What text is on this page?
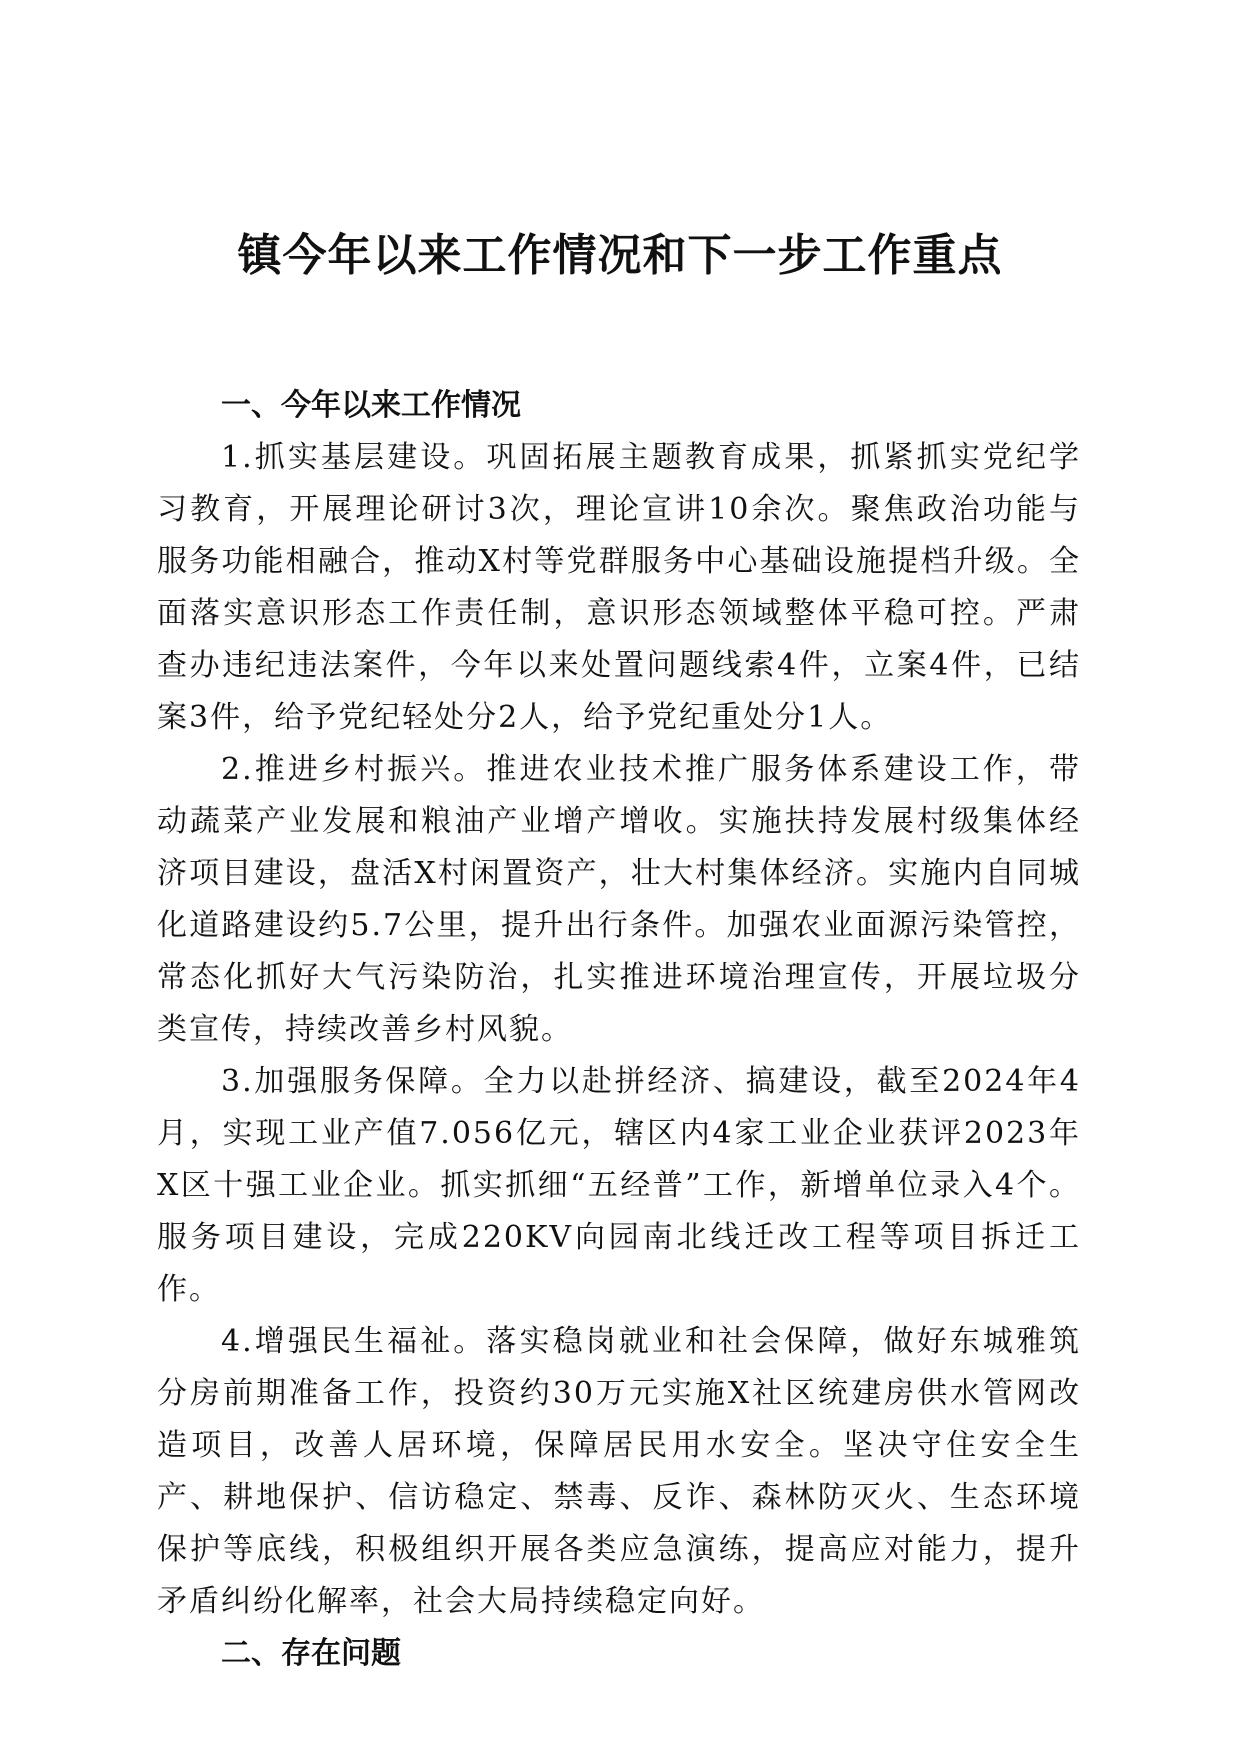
镇今年以来工作情况和下一步工作重点
一、今年以来工作情况

1.抓实基层建设。巩固拓展主题教育成果，抓紧抓实党纪学习教育，开展理论研讨3次，理论宣讲10余次。聚焦政治功能与服务功能相融合，推动X村等党群服务中心基础设施提档升级。全面落实意识形态工作责任制，意识形态领域整体平稳可控。严肃查办违纪违法案件，今年以来处置问题线索4件，立案4件，已结案3件，给予党纪轻处分2人，给予党纪重处分1人。

2.推进乡村振兴。推进农业技术推广服务体系建设工作，带动蔬菜产业发展和粮油产业增产增收。实施扶持发展村级集体经济项目建设，盘活X村闲置资产，壮大村集体经济。实施内自同城化道路建设约5.7公里，提升出行条件。加强农业面源污染管控，常态化抓好大气污染防治，扎实推进环境治理宣传，开展垃圾分类宣传，持续改善乡村风貌。

3.加强服务保障。全力以赴拼经济、搞建设，截至2024年4月，实现工业产值7.056亿元，辖区内4家工业企业获评2023年X区十强工业企业。抓实抓细“五经普”工作，新增单位录入4个。服务项目建设，完成220KV向园南北线迁改工程等项目拆迁工作。

4.增强民生福祉。落实稳岗就业和社会保障，做好东城雅筑分房前期准备工作，投资约30万元实施X社区统建房供水管网改造项目，改善人居环境，保障居民用水安全。坚决守住安全生产、耕地保护、信访稳定、禁毒、反诈、森林防灭火、生态环境保护等底线，积极组织开展各类应急演练，提高应对能力，提升矛盾纠纷化解率，社会大局持续稳定向好。

二、存在问题
